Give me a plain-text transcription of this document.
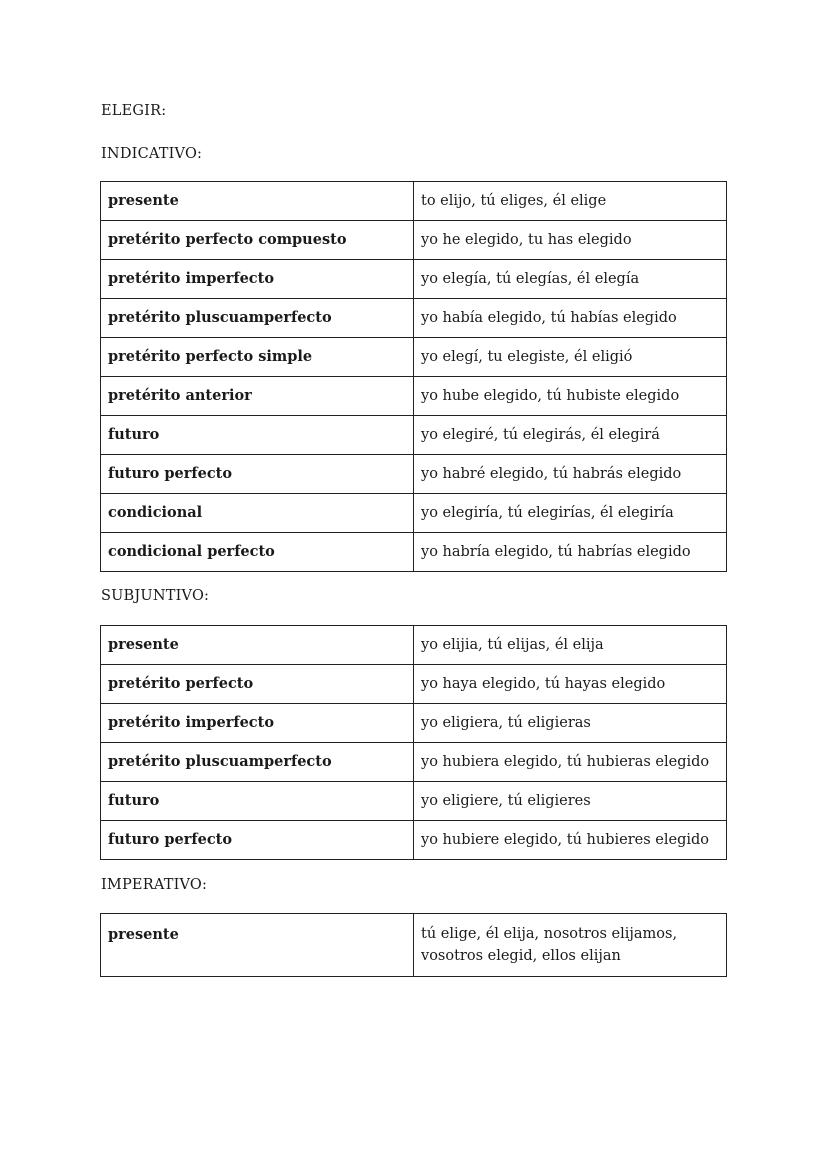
ELEGIR:
INDICATIVO:
presente	to elijo, tú eliges, él elige
pretérito perfecto compuesto	yo he elegido, tu has elegido
pretérito imperfecto	yo elegía, tú elegías, él elegía
pretérito pluscuamperfecto	yo había elegido, tú habías elegido
pretérito perfecto simple	yo elegí, tu elegiste, él eligió
pretérito anterior	yo hube elegido, tú hubiste elegido
futuro	yo elegiré, tú elegirás, él elegirá
futuro perfecto	yo habré elegido, tú habrás elegido
condicional	yo elegiría, tú elegirías, él elegiría
condicional perfecto	yo habría elegido, tú habrías elegido
SUBJUNTIVO:
presente	yo elijia, tú elijas, él elija
pretérito perfecto	yo haya elegido, tú hayas elegido
pretérito imperfecto	yo eligiera, tú eligieras
pretérito pluscuamperfecto	yo hubiera elegido, tú hubieras elegido
futuro	yo eligiere, tú eligieres
futuro perfecto	yo hubiere elegido, tú hubieres elegido
IMPERATIVO:
presente	tú elige, él elija, nosotros elijamos, vosotros elegid, ellos elijan
